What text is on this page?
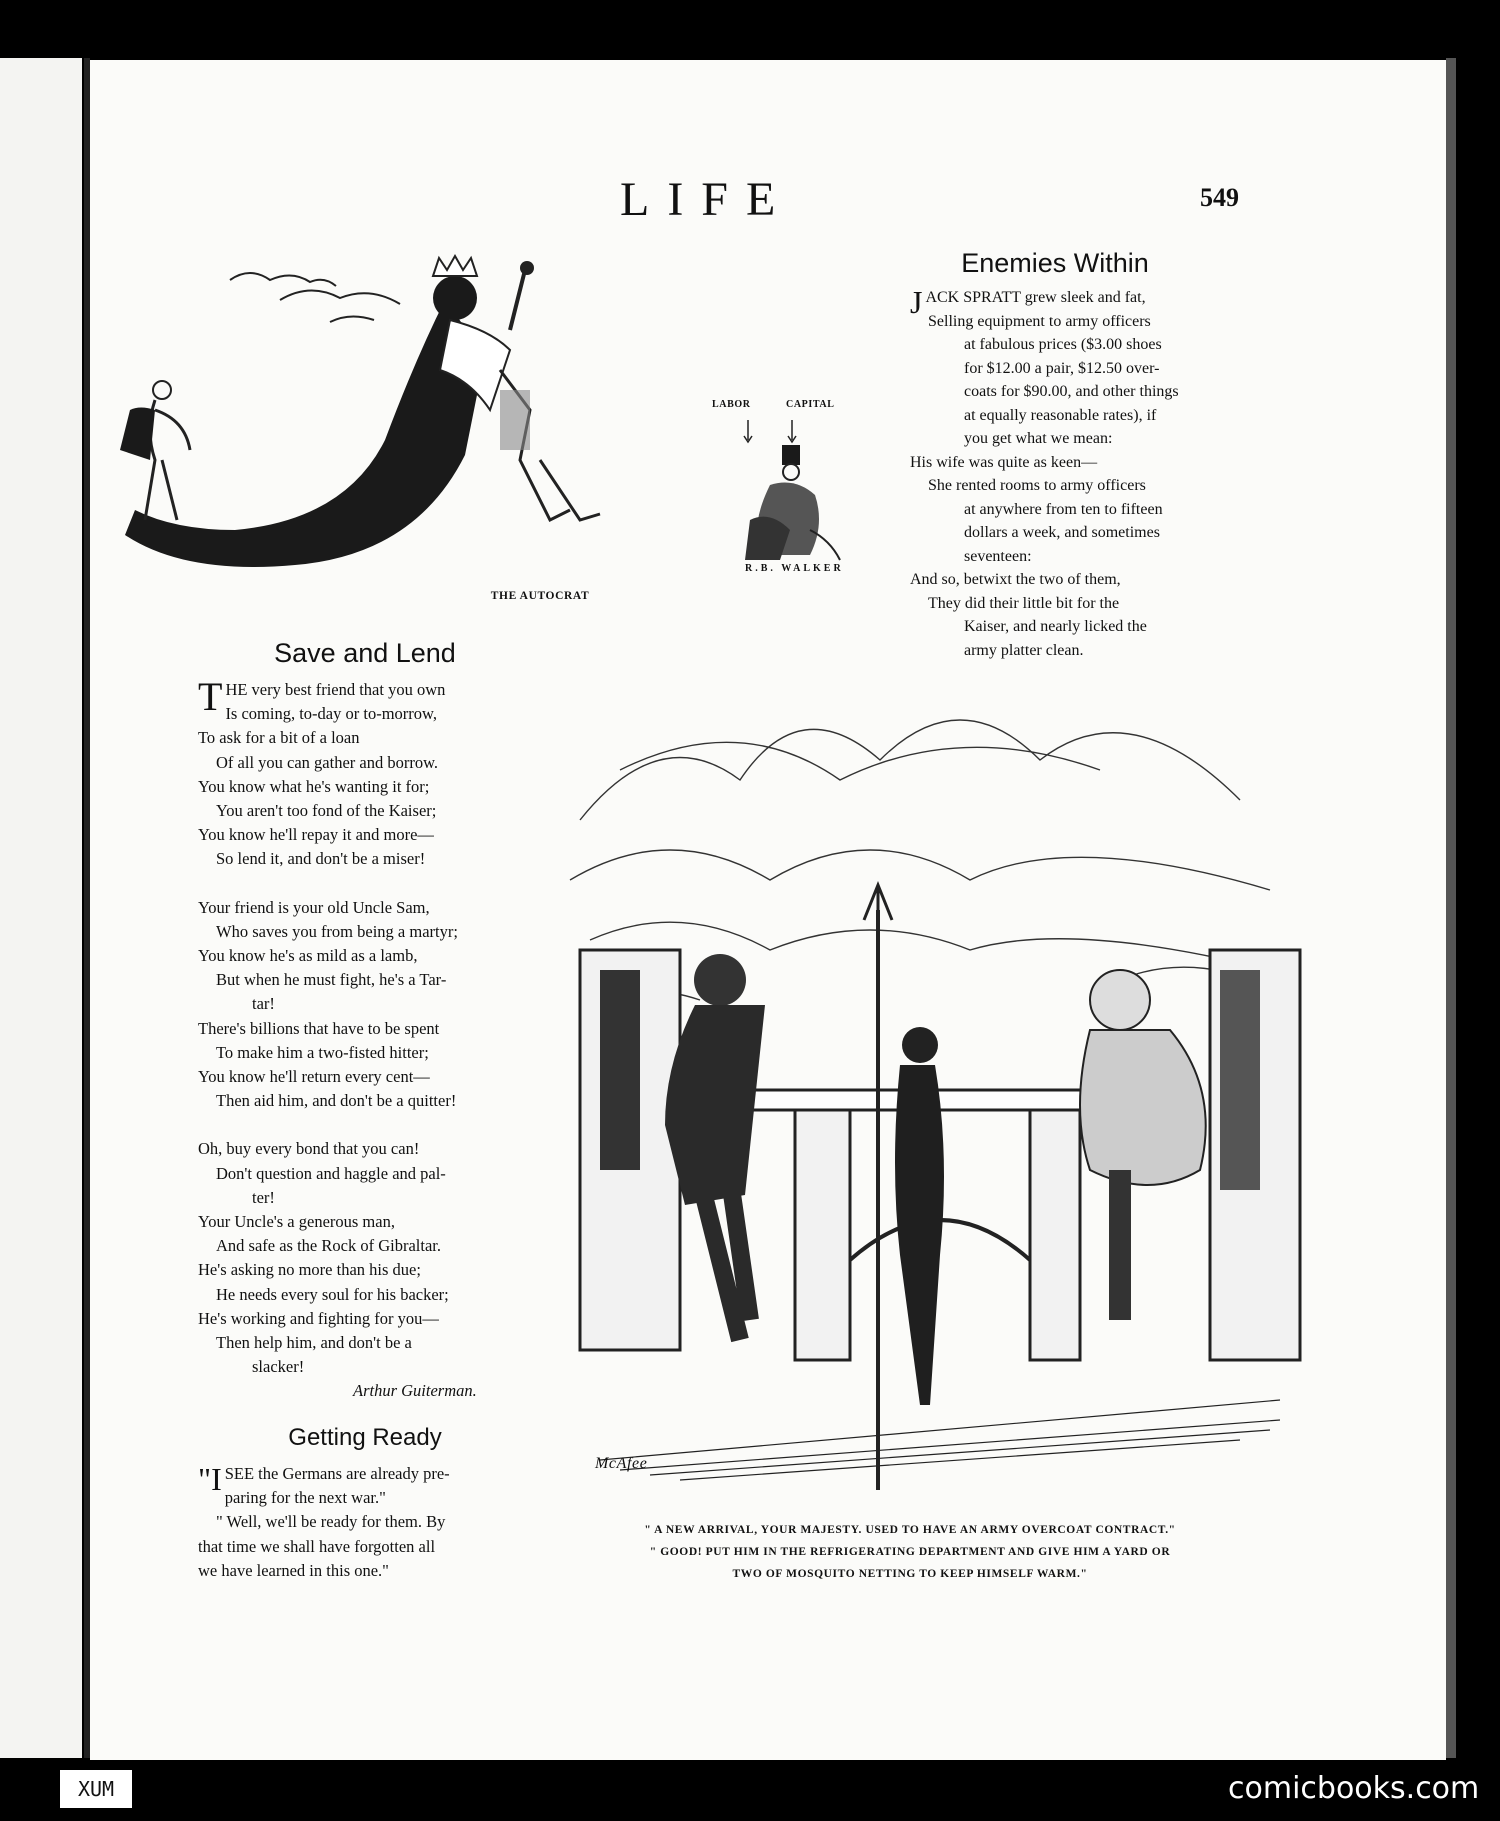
LIFE	549
THE AUTOCRAT
LABOR	CAPITAL
R.B. WALKER
Enemies Within
J ACK SPRATT grew sleek and fat,
Selling equipment to army officers
at fabulous prices ($3.00 shoes
for $12.00 a pair, $12.50 over-
coats for $90.00, and other things
at equally reasonable rates), if
you get what we mean:
His wife was quite as keen—
She rented rooms to army officers
at anywhere from ten to fifteen
dollars a week, and sometimes
seventeen:
And so, betwixt the two of them,
They did their little bit for the
Kaiser, and nearly licked the
army platter clean.
Save and Lend
T HE very best friend that you own
Is coming, to-day or to-morrow,
To ask for a bit of a loan
Of all you can gather and borrow.
You know what he's wanting it for;
You aren't too fond of the Kaiser;
You know he'll repay it and more—
So lend it, and don't be a miser!
Your friend is your old Uncle Sam,
Who saves you from being a martyr;
You know he's as mild as a lamb,
But when he must fight, he's a Tar-
tar!
There's billions that have to be spent
To make him a two-fisted hitter;
You know he'll return every cent—
Then aid him, and don't be a quitter!
Oh, buy every bond that you can!
Don't question and haggle and pal-
ter!
Your Uncle's a generous man,
And safe as the Rock of Gibraltar.
He's asking no more than his due;
He needs every soul for his backer;
He's working and fighting for you—
Then help him, and don't be a
slacker!
Arthur Guiterman.
Getting Ready
"I SEE the Germans are already pre-
paring for the next war."
" Well, we'll be ready for them. By
that time we shall have forgotten all
we have learned in this one."
McAfee
" A NEW ARRIVAL, YOUR MAJESTY. USED TO HAVE AN ARMY OVERCOAT CONTRACT."
" GOOD! PUT HIM IN THE REFRIGERATING DEPARTMENT AND GIVE HIM A YARD OR
TWO OF MOSQUITO NETTING TO KEEP HIMSELF WARM."
XUM	comicbooks.com
